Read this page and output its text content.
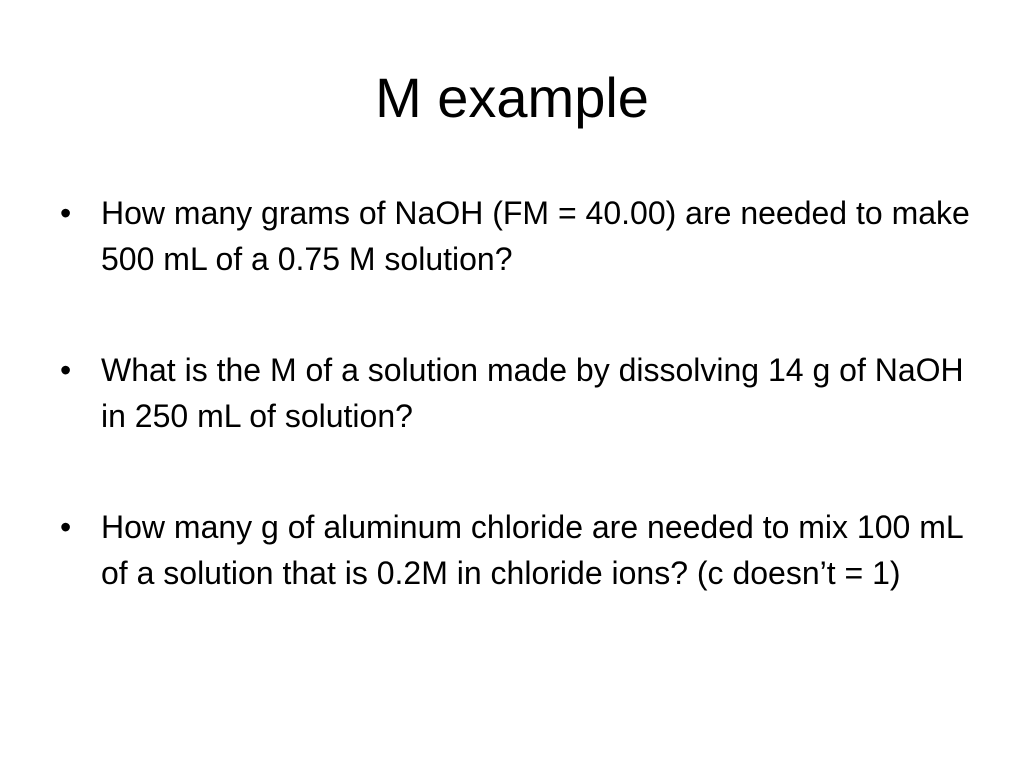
M example
• How many grams of NaOH (FM = 40.00) are needed to make 500 mL of a 0.75 M solution?
• What is the M of a solution made by dissolving 14 g of NaOH in 250 mL of solution?
• How many g of aluminum chloride are needed to mix 100 mL of a solution that is 0.2M in chloride ions? (c doesn’t = 1)
